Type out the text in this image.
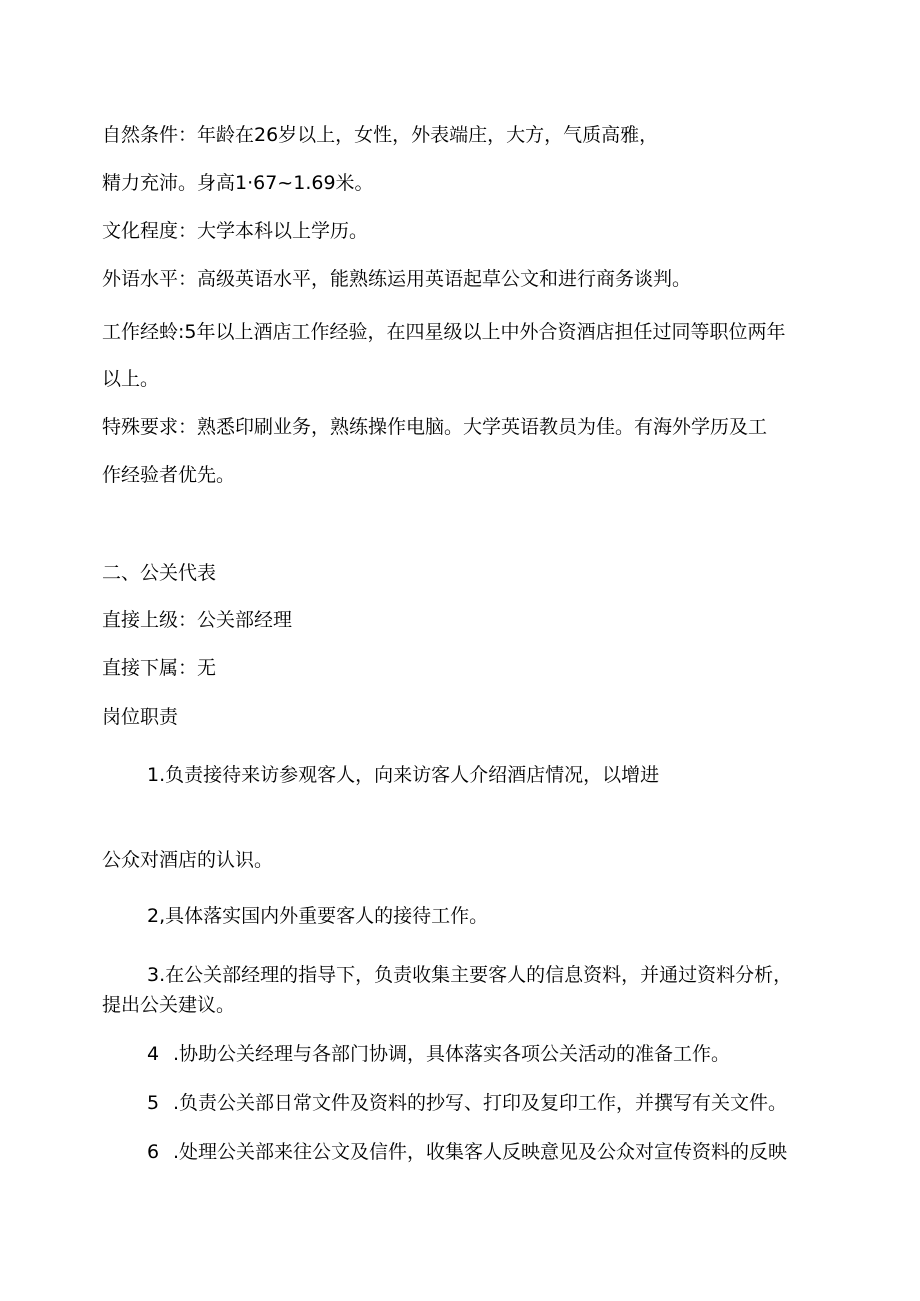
自然条件：年龄在26岁以上，女性，外表端庄，大方，气质高雅，
精力充沛。身高1·67~1.69米。
文化程度：大学本科以上学历。
外语水平：高级英语水平，能熟练运用英语起草公文和进行商务谈判。
工作经蛉:5年以上酒店工作经验，在四星级以上中外合资酒店担任过同等职位两年
以上。
特殊要求：熟悉印刷业务，熟练操作电脑。大学英语教员为佳。有海外学历及工
作经验者优先。
二、公关代表
直接上级：公关部经理
直接下属：无
岗位职责
1.负责接待来访参观客人，向来访客人介绍酒店情况，以增进
公众对酒店的认识。
2,具体落实国内外重要客人的接待工作。
3.在公关部经理的指导下，负责收集主要客人的信息资料，并通过资料分析，
提出公关建议。
4 .协助公关经理与各部门协调，具体落实各项公关活动的准备工作。
5 .负责公关部日常文件及资料的抄写、打印及复印工作，并撰写有关文件。
6 .处理公关部来往公文及信件，收集客人反映意见及公众对宣传资料的反映
